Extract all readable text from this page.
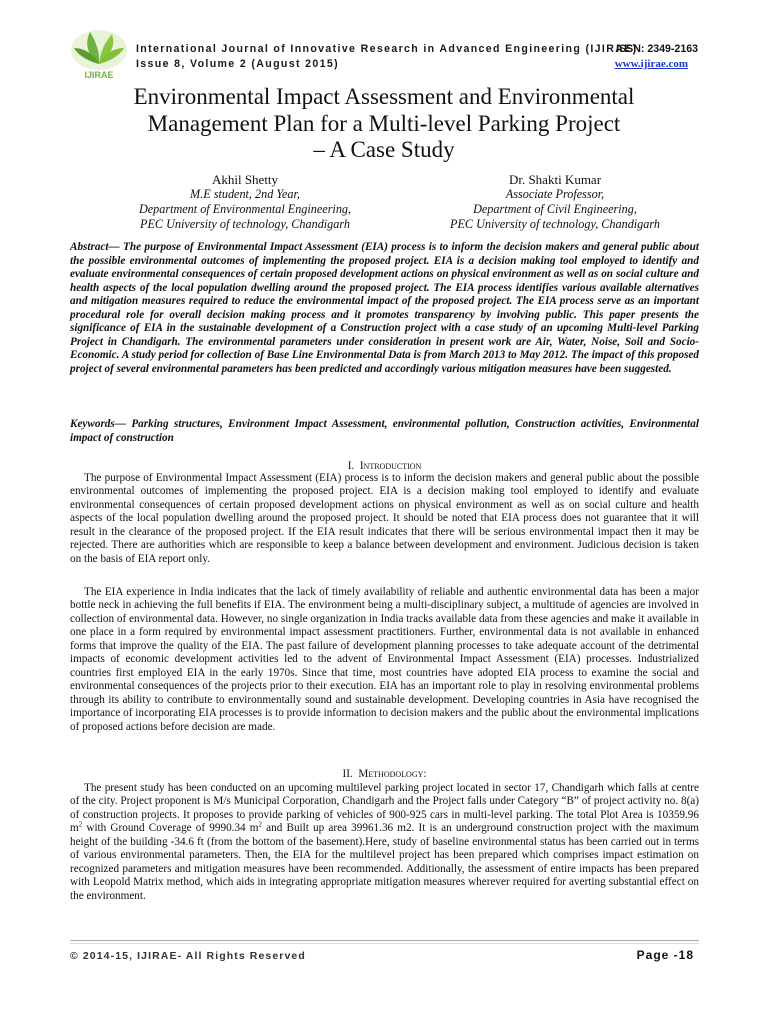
IJIRAE
International Journal of Innovative Research in Advanced Engineering (IJIRAE)
ISSN: 2349-2163
Issue 8, Volume 2 (August 2015)	www.ijirae.com
Environmental Impact Assessment and Environmental
Management Plan for a Multi-level Parking Project
– A Case Study
Akhil Shetty
M.E student, 2nd Year,
Department of Environmental Engineering,
PEC University of technology, Chandigarh
Dr. Shakti Kumar
Associate Professor,
Department of Civil Engineering,
PEC University of technology, Chandigarh
Abstract— The purpose of Environmental Impact Assessment (EIA) process is to inform the decision makers and general public about the possible environmental outcomes of implementing the proposed project. EIA is a decision making tool employed to identify and evaluate environmental consequences of certain proposed development actions on physical environment as well as on social culture and health aspects of the local population dwelling around the proposed project. The EIA process identifies various available alternatives and mitigation measures required to reduce the environmental impact of the proposed project. The EIA process serve as an important procedural role for overall decision making process and it promotes transparency by involving public. This paper presents the significance of EIA in the sustainable development of a Construction project with a case study of an upcoming Multi-level Parking Project in Chandigarh. The environmental parameters under consideration in present work are Air, Water, Noise, Soil and Socio-Economic. A study period for collection of Base Line Environmental Data is from March 2013 to May 2012. The impact of this proposed project of several environmental parameters has been predicted and accordingly various mitigation measures have been suggested.
Keywords— Parking structures, Environment Impact Assessment, environmental pollution, Construction activities, Environmental impact of construction
I. Introduction
The purpose of Environmental Impact Assessment (EIA) process is to inform the decision makers and general public about the possible environmental outcomes of implementing the proposed project. EIA is a decision making tool employed to identify and evaluate environmental consequences of certain proposed development actions on physical environment as well as on social culture and health aspects of the local population dwelling around the proposed project. It should be noted that EIA process does not guarantee that it will result in the clearance of the proposed project. If the EIA result indicates that there will be serious environmental impact then it may be rejected. There are authorities which are responsible to keep a balance between development and environment. Judicious decision is taken on the basis of EIA report only.
The EIA experience in India indicates that the lack of timely availability of reliable and authentic environmental data has been a major bottle neck in achieving the full benefits if EIA. The environment being a multi-disciplinary subject, a multitude of agencies are involved in collection of environmental data. However, no single organization in India tracks available data from these agencies and make it available in one place in a form required by environmental impact assessment practitioners. Further, environmental data is not available in enhanced forms that improve the quality of the EIA. The past failure of development planning processes to take adequate account of the detrimental impacts of economic development activities led to the advent of Environmental Impact Assessment (EIA) processes. Industrialized countries first employed EIA in the early 1970s. Since that time, most countries have adopted EIA process to examine the social and environmental consequences of the projects prior to their execution. EIA has an important role to play in resolving environmental problems through its ability to contribute to environmentally sound and sustainable development. Developing countries in Asia have recognised the importance of incorporating EIA processes is to provide information to decision makers and the public about the environmental implications of proposed actions before decision are made.
II. Methodology:
The present study has been conducted on an upcoming multilevel parking project located in sector 17, Chandigarh which falls at centre of the city. Project proponent is M/s Municipal Corporation, Chandigarh and the Project falls under Category “B” of project activity no. 8(a) of construction projects. It proposes to provide parking of vehicles of 900-925 cars in multi-level parking. The total Plot Area is 10359.96 $m^2$ with Ground Coverage of 9990.34 $m^2$ and Built up area 39961.36 m2. It is an underground construction project with the maximum height of the building -34.6 ft (from the bottom of the basement).Here, study of baseline environmental status has been carried out in terms of various environmental parameters. Then, the EIA for the multilevel project has been prepared which comprises impact estimation on recognized parameters and mitigation measures have been recommended. Additionally, the assessment of entire impacts has been prepared with Leopold Matrix method, which aids in integrating appropriate mitigation measures wherever required for averting substantial effect on the environment.
© 2014-15, IJIRAE- All Rights Reserved	Page -18
